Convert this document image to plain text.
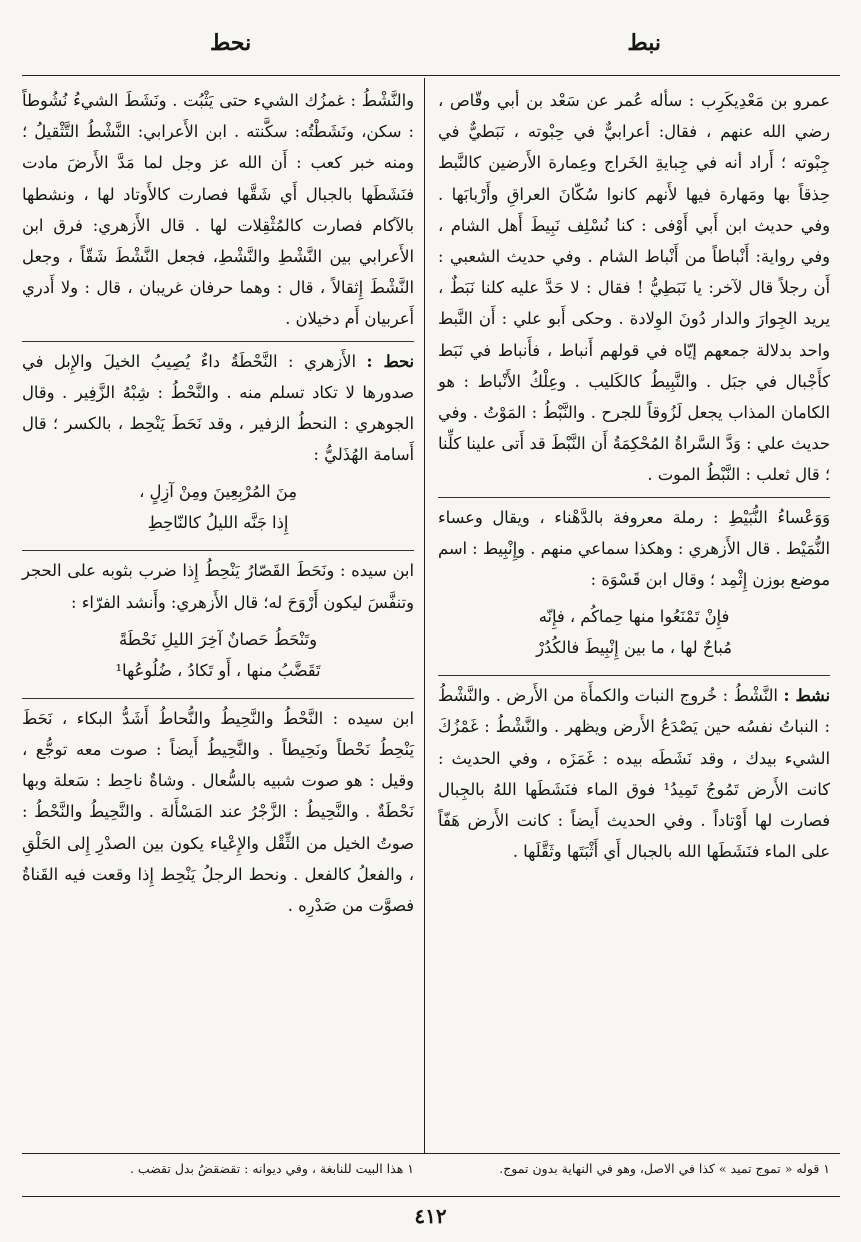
نبط
نحط

عمرو بن مَعْدِيكَرِب : سأله عُمر عن سَعْد بن أبي وقّاص ، رضي الله عنهم ، فقال: أعرابيٌّ في حِبْوته ، نَبَطيٌّ في جِبْوته ؛ أَراد أنه في جِبايةِ الخَراج وعِمارة الأَرضين كالنَّبط حِذقاً بها ومَهارة فيها لأَنهم كانوا سُكّانَ العراقِ وأَرْبابَها . وفي حديث ابن أَبي أَوْفى : كنا نُسْلِف نَبِيطَ أَهل الشام ، وفي رواية: أَنْباطاً من أَنْباط الشام . وفي حديث الشعبي : أَن رجلاً قال لآخر: يا نَبَطِيُّ ! فقال : لا حَدَّ عليه كلنا نَبَطٌ ، يريد الجِوارَ والدار دُونَ الوِلادة . وحكى أَبو علي : أَن النَّبط واحد بدلالة جمعهم إيّاه في قولهم أَنباط ، فأَنباط في نَبَط كأَجْبال في جبَل . والنَّبِيطُ كالكَليب . وعِلْكُ الأَنْباط : هو الكامان المذاب يجعل لَزُوقاً للجرح . والنَّبْطُ : المَوْتُ . وفي حديث علي : وَدَّ السَّراةُ المُحْكِمَةُ أَن النَّبْطَ قد أَتى علينا كلِّنا ؛ قال ثعلب : النَّبْطُ الموت .

وَوَعْساءُ النُّبَيْطِ : رملة معروفة بالدَّهْناء ، ويقال وعساء النُّمَيْط . قال الأَزهري : وهكذا سماعي منهم . وإِنْبِيط : اسم موضع بوزن إِثْمِد ؛ وقال ابن قَسْوَة :

فإِنْ تَمْنَعُوا منها حِماكُم ، فإِنّه
مُباحٌ لها ، ما بين إِنْبِيطَ فالكُدُرْ

نشط : النَّشْطُ : خُروج النبات والكمأَة من الأَرض . والنَّشْطُ : النباتُ نفسُه حين يَصْدَعُ الأَرض ويظهر . والنَّشْطُ : غَمْزُكَ الشيء بيدك ، وقد نَشَطَه بيده : غَمَزَه ، وفي الحديث : كانت الأَرض تَمُوجُ تَمِيدُ¹ فوق الماء فنَشَطَها اللهُ بالجِبال فصارت لها أَوْتاداً . وفي الحديث أَيضاً : كانت الأَرض هَفّاً على الماء فنَشَطَها الله بالجبال أَي أَثْبَتَها وثَقَّلَها .

والنَّشْطُ : غمزُك الشيء حتى يَثْبُت . ونَشَطَ الشيءُ نُشُوطاً : سكن، ونَشَطْتُه: سكَّنته . ابن الأَعرابي: النَّشْطُ التَّثْقيلُ ؛ ومنه خبر كعب : أَن الله عز وجل لما مَدَّ الأَرضَ مادت فنَشَطَها بالجبال أَي شَقَّها فصارت كالأَوتاد لها ، ونشطها بالآكام فصارت كالمُثْقِلات لها . قال الأَزهري: فرق ابن الأَعرابي بين النَّشْطِ والنَّشْطِ، فجعل النَّشْطَ شَقّاً ، وجعل النَّشْطَ إِثقالاً ، قال : وهما حرفان غريبان ، قال : ولا أَدري أَعربيان أَم دخيلان .

نحط : الأَزهري : النَّحْطَةُ داءٌ يُصِيبُ الخيلَ والإِبل في صدورها لا تكاد تسلم منه . والنَّحْطُ : شِبْهُ الزَّفِير . وقال الجوهري : النحطُ الزفير ، وقد نَحَطَ يَنْحِط ، بالكسر ؛ قال أَسامة الهُذَليُّ :

مِنَ المُرْبِعِينَ ومِنْ آزِلٍ ،
إِذا جَنَّه الليلُ كالنّاحِطِ

ابن سيده : ونَحَطَ القَصّارُ يَنْحِطُ إِذا ضرب بثوبه على الحجر وتنفَّسَ ليكون أَرْوَحَ له؛ قال الأَزهري: وأَنشد الفرّاء :

وتَنْحَطُ حَصانٌ آخِرَ الليلِ نَحْطَةً
تَقَضَّبُ منها ، أَو تَكادُ ، ضُلُوعُها¹

ابن سيده : النَّحْطُ والنَّحِيطُ والنُّحاطُ أَشَدُّ البكاء ، نَحَطَ يَنْحِطُ نَحْطاً ونَحِيطاً . والنَّحِيطُ أَيضاً : صوت معه توجُّع ، وقيل : هو صوت شبيه بالسُّعال . وشاةٌ ناحِط : سَعلة وبها نَحْطَةٌ . والنَّحِيطُ : الزَّجْرُ عند المَسْأَلة . والنَّحِيطُ والنَّحْطُ : صوتُ الخيل من الثِّقْل والإِعْياء يكون بين الصدْرِ إِلى الحَلْقِ ، والفعلُ كالفعل . ونحط الرجلُ يَنْحِط إِذا وقعت فيه القَناةُ فصوَّت من صَدْرِه .

١ قوله « تموج تميد » كذا في الاصل، وهو في النهاية بدون تموج.
١ هذا البيت للنابغة ، وفي ديوانه : تقضقضُ بدل تقضب .
٤١٢
